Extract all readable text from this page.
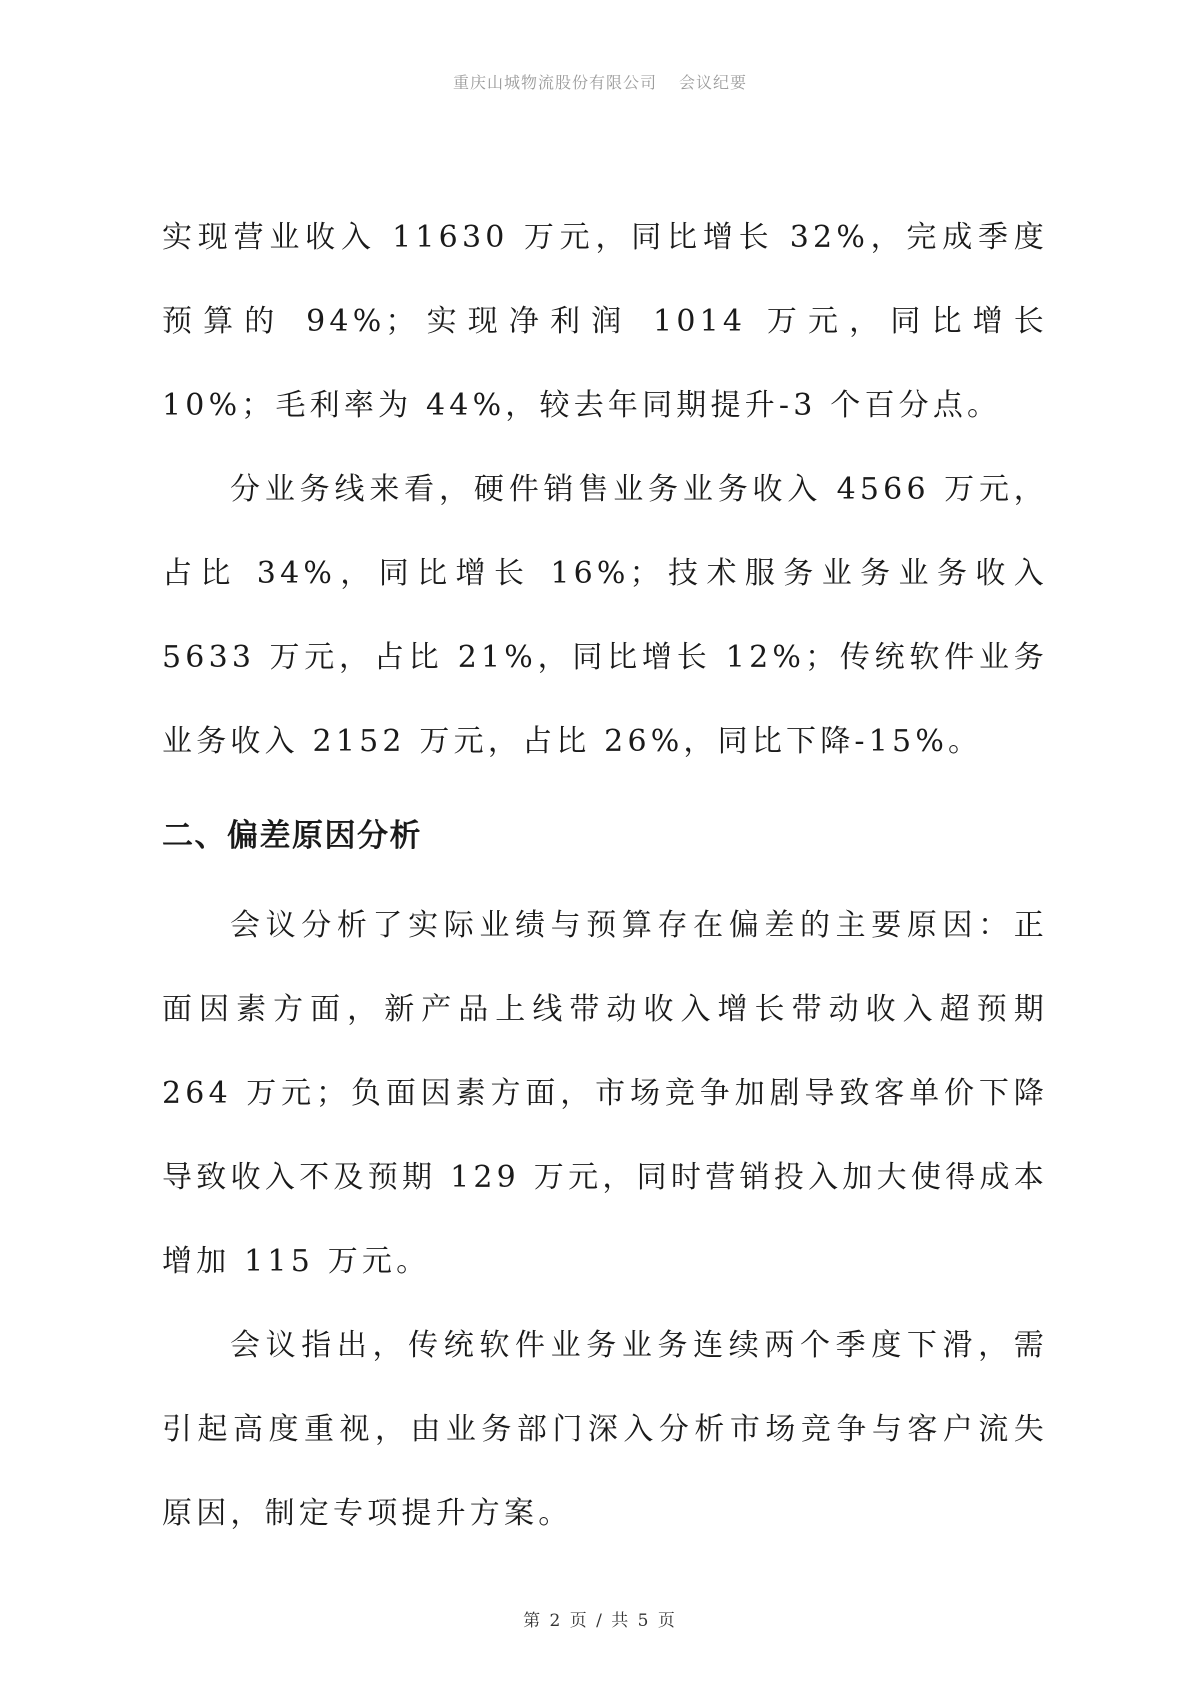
重庆山城物流股份有限公司 会议纪要

实现营业收入 11630 万元，同比增长 32%，完成季度预算的 94%；实现净利润 1014 万元，同比增长 10%；毛利率为 44%，较去年同期提升-3 个百分点。

分业务线来看，硬件销售业务业务收入 4566 万元，占比 34%，同比增长 16%；技术服务业务业务收入 5633 万元，占比 21%，同比增长 12%；传统软件业务业务收入 2152 万元，占比 26%，同比下降-15%。

二、偏差原因分析

会议分析了实际业绩与预算存在偏差的主要原因：正面因素方面，新产品上线带动收入增长带动收入超预期 264 万元；负面因素方面，市场竞争加剧导致客单价下降导致收入不及预期 129 万元，同时营销投入加大使得成本增加 115 万元。

会议指出，传统软件业务业务连续两个季度下滑，需引起高度重视，由业务部门深入分析市场竞争与客户流失原因，制定专项提升方案。

第 2 页 / 共 5 页
